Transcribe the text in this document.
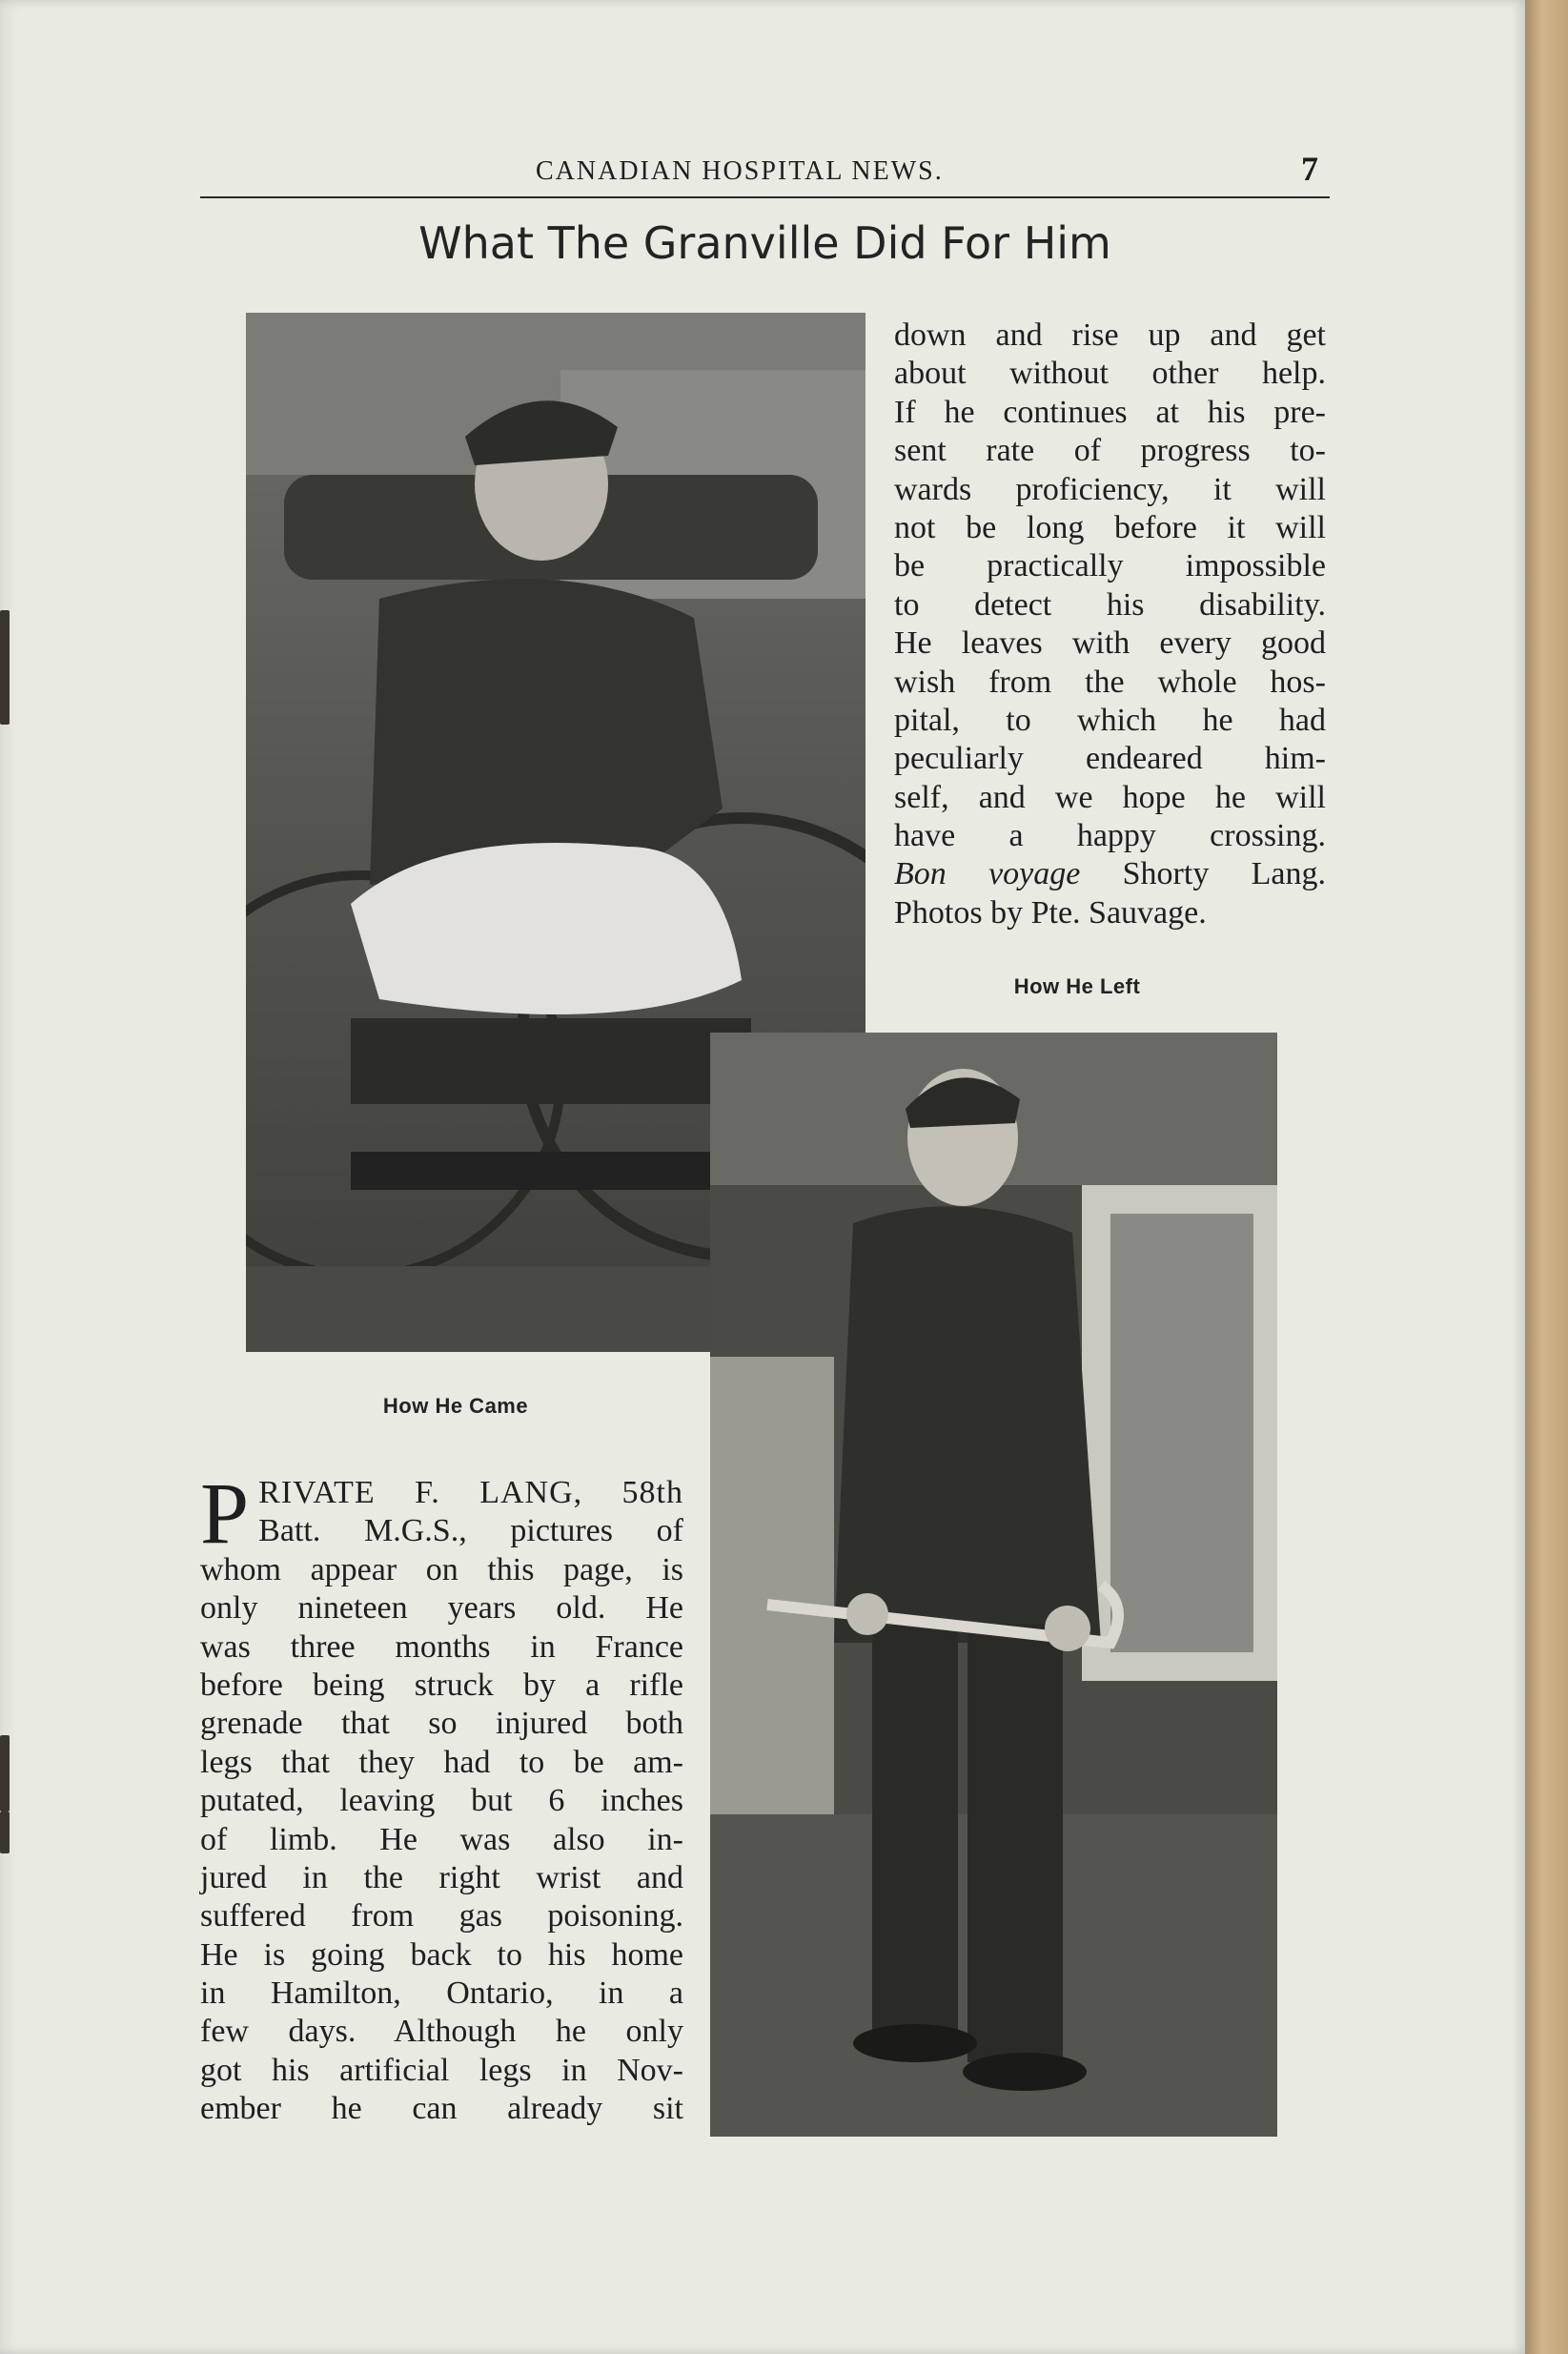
CANADIAN HOSPITAL NEWS.	7
What The Granville Did For Him
How He Came
How He Left
P RIVATE F. LANG, 58th
Batt. M.G.S., pictures of
whom appear on this page, is
only nineteen years old. He
was three months in France
before being struck by a rifle
grenade that so injured both
legs that they had to be am-
putated, leaving but 6 inches
of limb. He was also in-
jured in the right wrist and
suffered from gas poisoning.
He is going back to his home
in Hamilton, Ontario, in a
few days. Although he only
got his artificial legs in Nov-
ember he can already sit
down and rise up and get
about without other help.
If he continues at his pre-
sent rate of progress to-
wards proficiency, it will
not be long before it will
be practically impossible
to detect his disability.
He leaves with every good
wish from the whole hos-
pital, to which he had
peculiarly endeared him-
self, and we hope he will
have a happy crossing.
Bon voyage Shorty Lang.
Photos by Pte. Sauvage.
